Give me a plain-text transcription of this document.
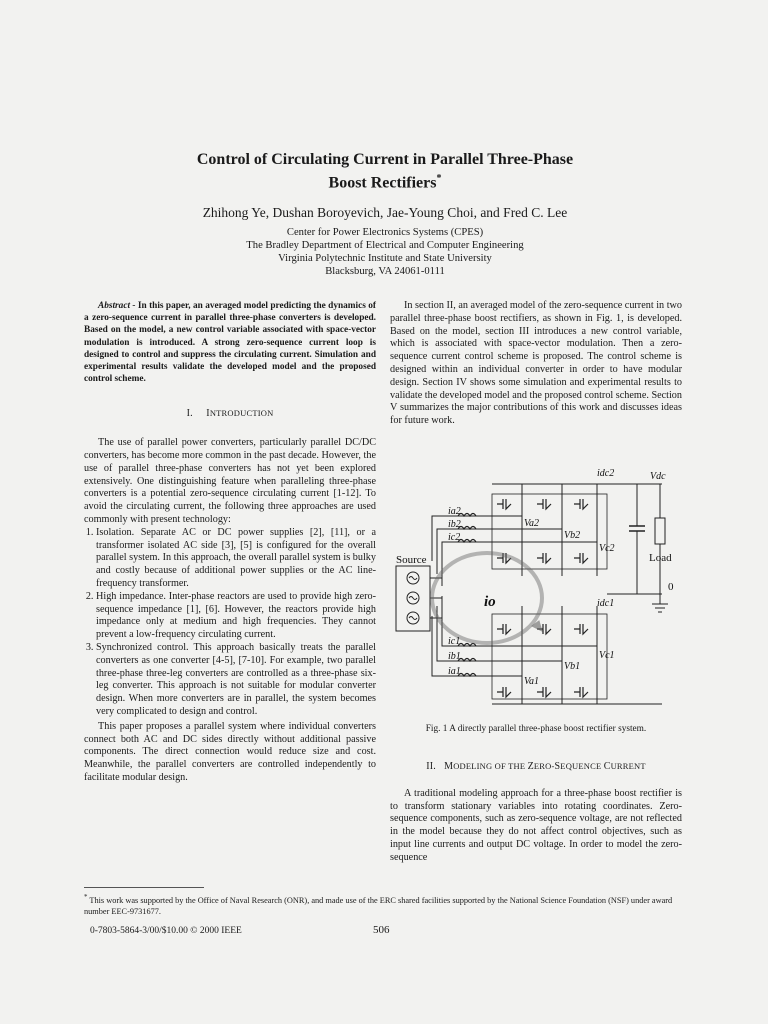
Control of Circulating Current in Parallel Three-Phase
Boost Rectifiers*
Zhihong Ye, Dushan Boroyevich, Jae-Young Choi, and Fred C. Lee
Center for Power Electronics Systems (CPES)
The Bradley Department of Electrical and Computer Engineering
Virginia Polytechnic Institute and State University
Blacksburg, VA 24061-0111

Abstract - In this paper, an averaged model predicting the dynamics of a zero-sequence current in parallel three-phase converters is developed. Based on the model, a new control variable associated with space-vector modulation is introduced. A strong zero-sequence current loop is designed to control and suppress the circulating current. Simulation and experimental results validate the developed model and the proposed control scheme.

I. INTRODUCTION

The use of parallel power converters, particularly parallel DC/DC converters, has become more common in the past decade. However, the use of parallel three-phase converters has not yet been explored extensively. One distinguishing feature when paralleling three-phase converters is a potential zero-sequence circulating current [1-12]. To avoid the circulating current, the following three approaches are used commonly with present technology:

1. Isolation. Separate AC or DC power supplies [2], [11], or a transformer isolated AC side [3], [5] is configured for the overall parallel system. In this approach, the overall parallel system is bulky and costly because of additional power supplies or the AC line-frequency transformer.
2. High impedance. Inter-phase reactors are used to provide high zero-sequence impedance [1], [6]. However, the reactors provide high impedance only at medium and high frequencies. They cannot prevent a low-frequency circulating current.
3. Synchronized control. This approach basically treats the parallel converters as one converter [4-5], [7-10]. For example, two parallel three-phase three-leg converters are controlled as a three-phase six-leg converter. This approach is not suitable for modular converter design. When more converters are in parallel, the system becomes very complicated to design and control.

This paper proposes a parallel system where individual converters connect both AC and DC sides directly without additional passive components. The direct connection would reduce size and cost. Meanwhile, the parallel converters are controlled independently to facilitate modular design.

In section II, an averaged model of the zero-sequence current in two parallel three-phase boost rectifiers, as shown in Fig. 1, is developed. Based on the model, section III introduces a new control variable, which is associated with space-vector modulation. Then a zero-sequence current control scheme is proposed. The control scheme is designed within an individual converter in order to have modular design. Section IV shows some simulation and experimental results to validate the developed model and the proposed control scheme. Section V summarizes the major contributions of this work and discusses ideas for future work.

idc2	Vdc
ia2
ib2
ic2
Va2
Vb2
Vc2
idc1
ic1
ib1
ia1
Vc1
Vb1
Va1
Source	Load
0
io
Fig. 1 A directly parallel three-phase boost rectifier system.

II. MODELING OF THE ZERO-SEQUENCE CURRENT

A traditional modeling approach for a three-phase boost rectifier is to transform stationary variables into rotating coordinates. Zero-sequence components, such as zero-sequence voltage, are not reflected in the model because they do not affect control objectives, such as input line currents and output DC voltage. In order to model the zero-sequence

* This work was supported by the Office of Naval Research (ONR), and made use of the ERC shared facilities supported by the National Science Foundation (NSF) under award number EEC-9731677.
0-7803-5864-3/00/$10.00 © 2000 IEEE	506
